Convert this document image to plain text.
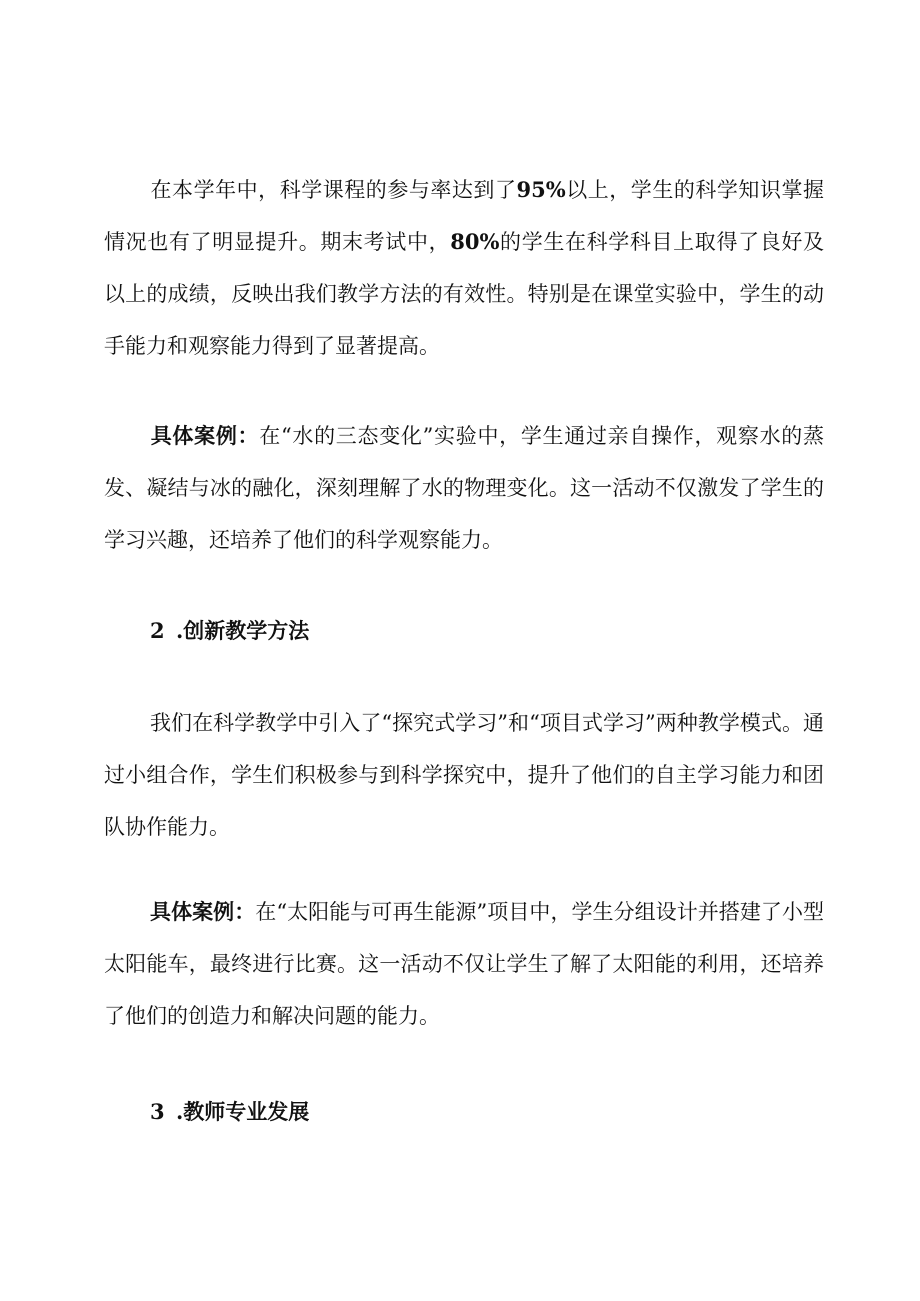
在本学年中，科学课程的参与率达到了95%以上，学生的科学知识掌握情况也有了明显提升。期末考试中，80%的学生在科学科目上取得了良好及以上的成绩，反映出我们教学方法的有效性。特别是在课堂实验中，学生的动手能力和观察能力得到了显著提高。

具体案例：在“水的三态变化”实验中，学生通过亲自操作，观察水的蒸发、凝结与冰的融化，深刻理解了水的物理变化。这一活动不仅激发了学生的学习兴趣，还培养了他们的科学观察能力。

2 .创新教学方法

我们在科学教学中引入了“探究式学习”和“项目式学习”两种教学模式。通过小组合作，学生们积极参与到科学探究中，提升了他们的自主学习能力和团队协作能力。

具体案例：在“太阳能与可再生能源”项目中，学生分组设计并搭建了小型太阳能车，最终进行比赛。这一活动不仅让学生了解了太阳能的利用，还培养了他们的创造力和解决问题的能力。

3 .教师专业发展
